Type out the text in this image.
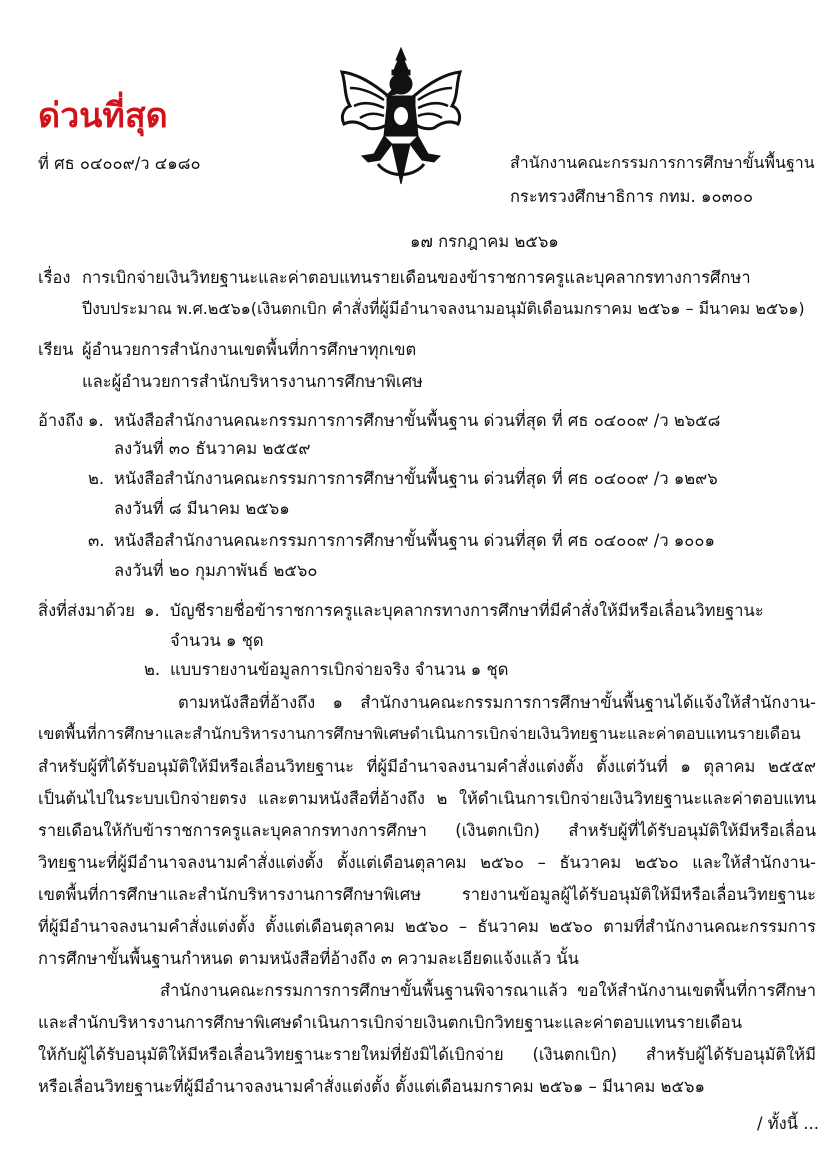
ด่วนที่สุด
ที่ ศธ ๐๔๐๐๙/ว ๔๑๘๐	สำนักงานคณะกรรมการการศึกษาขั้นพื้นฐาน
กระทรวงศึกษาธิการ กทม. ๑๐๓๐๐
๑๗ กรกฎาคม ๒๕๖๑
เรื่อง การเบิกจ่ายเงินวิทยฐานะและค่าตอบแทนรายเดือนของข้าราชการครูและบุคลากรทางการศึกษา
ปีงบประมาณ พ.ศ.๒๕๖๑(เงินตกเบิก คำสั่งที่ผู้มีอำนาจลงนามอนุมัติเดือนมกราคม ๒๕๖๑ – มีนาคม ๒๕๖๑)
เรียน ผู้อำนวยการสำนักงานเขตพื้นที่การศึกษาทุกเขต
และผู้อำนวยการสำนักบริหารงานการศึกษาพิเศษ
อ้างถึง ๑. หนังสือสำนักงานคณะกรรมการการศึกษาขั้นพื้นฐาน ด่วนที่สุด ที่ ศธ ๐๔๐๐๙ /ว ๒๖๕๘
ลงวันที่ ๓๐ ธันวาคม ๒๕๕๙
๒. หนังสือสำนักงานคณะกรรมการการศึกษาขั้นพื้นฐาน ด่วนที่สุด ที่ ศธ ๐๔๐๐๙ /ว ๑๒๙๖
ลงวันที่ ๘ มีนาคม ๒๕๖๑
๓. หนังสือสำนักงานคณะกรรมการการศึกษาขั้นพื้นฐาน ด่วนที่สุด ที่ ศธ ๐๔๐๐๙ /ว ๑๐๐๑
ลงวันที่ ๒๐ กุมภาพันธ์ ๒๕๖๐
สิ่งที่ส่งมาด้วย ๑. บัญชีรายชื่อข้าราชการครูและบุคลากรทางการศึกษาที่มีคำสั่งให้มีหรือเลื่อนวิทยฐานะ
จำนวน ๑ ชุด
๒. แบบรายงานข้อมูลการเบิกจ่ายจริง จำนวน ๑ ชุด
ตามหนังสือที่อ้างถึง ๑ สำนักงานคณะกรรมการการศึกษาขั้นพื้นฐานได้แจ้งให้สำนักงาน-
เขตพื้นที่การศึกษาและสำนักบริหารงานการศึกษาพิเศษดำเนินการเบิกจ่ายเงินวิทยฐานะและค่าตอบแทนรายเดือน
สำหรับผู้ที่ได้รับอนุมัติให้มีหรือเลื่อนวิทยฐานะ ที่ผู้มีอำนาจลงนามคำสั่งแต่งตั้ง ตั้งแต่วันที่ ๑ ตุลาคม ๒๕๕๙
เป็นต้นไปในระบบเบิกจ่ายตรง และตามหนังสือที่อ้างถึง ๒ ให้ดำเนินการเบิกจ่ายเงินวิทยฐานะและค่าตอบแทน
รายเดือนให้กับข้าราชการครูและบุคลากรทางการศึกษา (เงินตกเบิก) สำหรับผู้ที่ได้รับอนุมัติให้มีหรือเลื่อน
วิทยฐานะที่ผู้มีอำนาจลงนามคำสั่งแต่งตั้ง ตั้งแต่เดือนตุลาคม ๒๕๖๐ – ธันวาคม ๒๕๖๐ และให้สำนักงาน-
เขตพื้นที่การศึกษาและสำนักบริหารงานการศึกษาพิเศษ รายงานข้อมูลผู้ได้รับอนุมัติให้มีหรือเลื่อนวิทยฐานะ
ที่ผู้มีอำนาจลงนามคำสั่งแต่งตั้ง ตั้งแต่เดือนตุลาคม ๒๕๖๐ – ธันวาคม ๒๕๖๐ ตามที่สำนักงานคณะกรรมการ
การศึกษาขั้นพื้นฐานกำหนด ตามหนังสือที่อ้างถึง ๓ ความละเอียดแจ้งแล้ว นั้น
สำนักงานคณะกรรมการการศึกษาขั้นพื้นฐานพิจารณาแล้ว ขอให้สำนักงานเขตพื้นที่การศึกษา
และสำนักบริหารงานการศึกษาพิเศษดำเนินการเบิกจ่ายเงินตกเบิกวิทยฐานะและค่าตอบแทนรายเดือน
ให้กับผู้ได้รับอนุมัติให้มีหรือเลื่อนวิทยฐานะรายใหม่ที่ยังมิได้เบิกจ่าย (เงินตกเบิก) สำหรับผู้ได้รับอนุมัติให้มี
หรือเลื่อนวิทยฐานะที่ผู้มีอำนาจลงนามคำสั่งแต่งตั้ง ตั้งแต่เดือนมกราคม ๒๕๖๑ – มีนาคม ๒๕๖๑
/ ทั้งนี้ ...
